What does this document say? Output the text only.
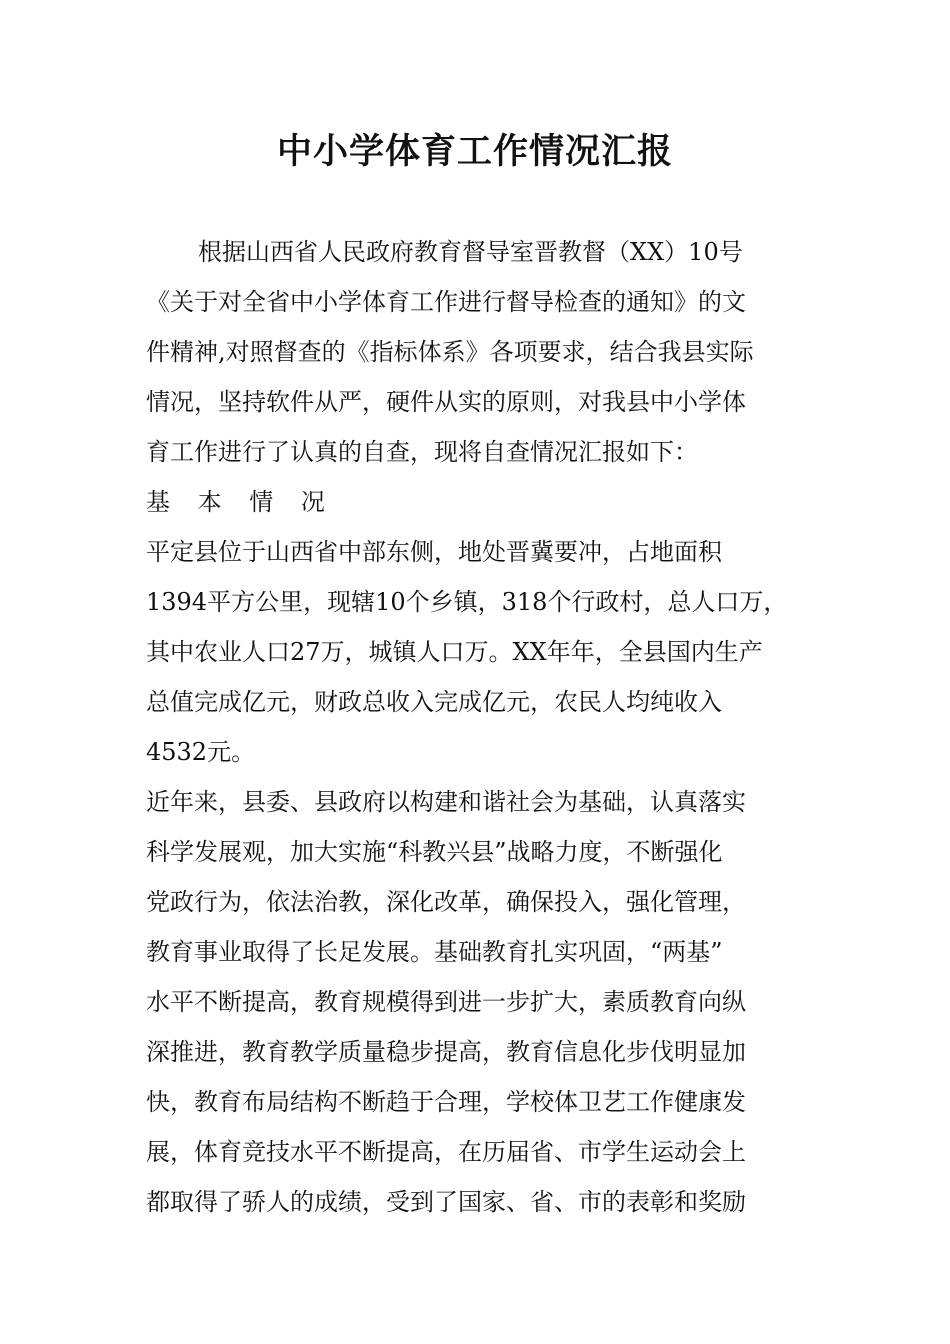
中小学体育工作情况汇报
根据山西省人民政府教育督导室晋教督（XX）10号
《关于对全省中小学体育工作进行督导检查的通知》的文
件精神,对照督查的《指标体系》各项要求，结合我县实际
情况，坚持软件从严，硬件从实的原则，对我县中小学体
育工作进行了认真的自查，现将自查情况汇报如下：
基 本 情 况
平定县位于山西省中部东侧，地处晋冀要冲，占地面积
1394平方公里，现辖10个乡镇，318个行政村，总人口万，
其中农业人口27万，城镇人口万。XX年年，全县国内生产
总值完成亿元，财政总收入完成亿元，农民人均纯收入
4532元。
近年来，县委、县政府以构建和谐社会为基础，认真落实
科学发展观，加大实施“科教兴县”战略力度，不断强化
党政行为，依法治教，深化改革，确保投入，强化管理，
教育事业取得了长足发展。基础教育扎实巩固，“两基”
水平不断提高，教育规模得到进一步扩大，素质教育向纵
深推进，教育教学质量稳步提高，教育信息化步伐明显加
快，教育布局结构不断趋于合理，学校体卫艺工作健康发
展，体育竞技水平不断提高，在历届省、市学生运动会上
都取得了骄人的成绩，受到了国家、省、市的表彰和奖励
